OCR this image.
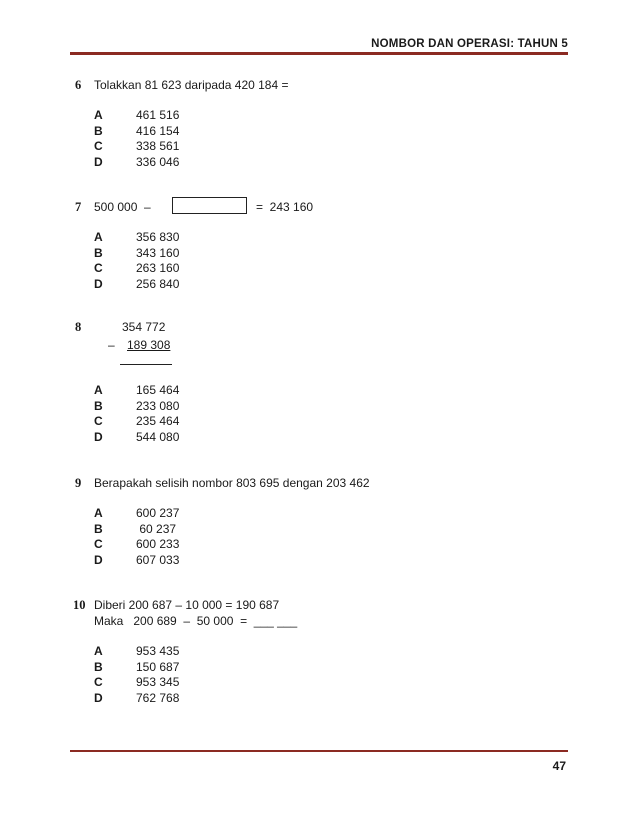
NOMBOR DAN OPERASI: TAHUN 5
6	Tolakkan 81 623 daripada 420 184 =
A	461 516
B	416 154
C	338 561
D	336 046
7	500 000  –	=  243 160
A	356 830
B	343 160
C	263 160
D	256 840
8	354 772
– 189 308
A	165 464
B	233 080
C	235 464
D	544 080
9	Berapakah selisih nombor 803 695 dengan 203 462
A	600 237
B	60 237
C	600 233
D	607 033
10 Diberi 200 687 – 10 000 = 190 687
Maka   200 689  –  50 000  =  ___ ___
A	953 435
B	150 687
C	953 345
D	762 768
47
